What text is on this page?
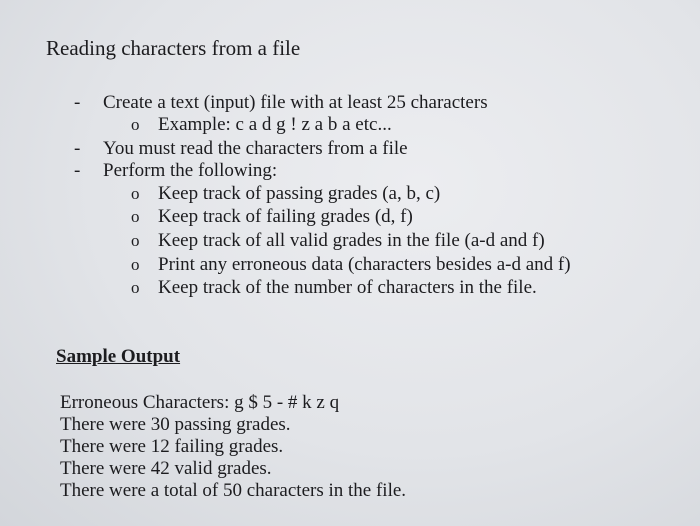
Reading characters from a file
- Create a text (input) file with at least 25 characters
o Example: c a d g ! z a b a etc...
- You must read the characters from a file
- Perform the following:
o Keep track of passing grades (a, b, c)
o Keep track of failing grades (d, f)
o Keep track of all valid grades in the file (a-d and f)
o Print any erroneous data (characters besides a-d and f)
o Keep track of the number of characters in the file.
Sample Output
Erroneous Characters: g $ 5 - # k z q
There were 30 passing grades.
There were 12 failing grades.
There were 42 valid grades.
There were a total of 50 characters in the file.
